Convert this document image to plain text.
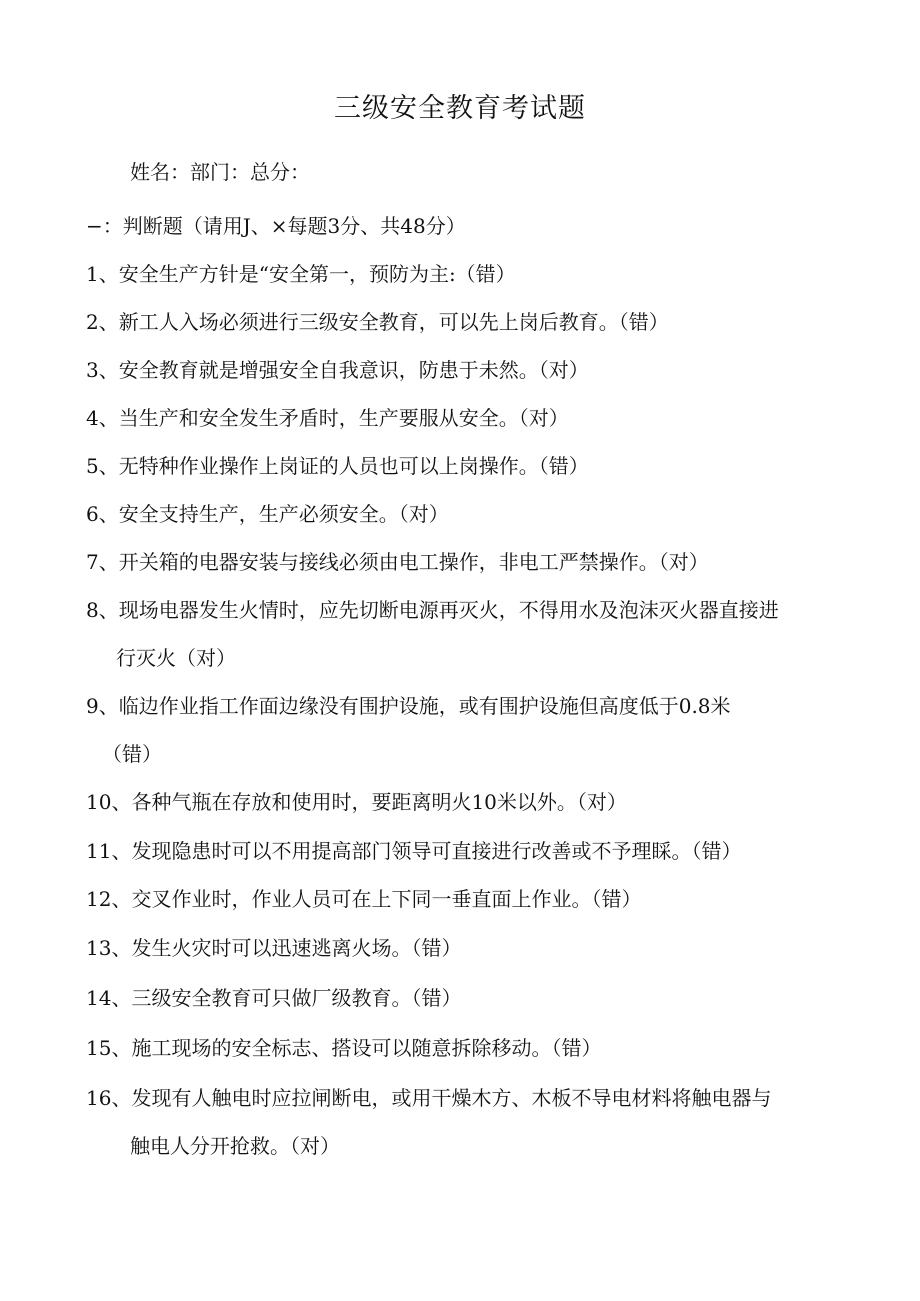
三级安全教育考试题
姓名：部门：总分：
−：判断题（请用J、×每题3分、共48分）
1、安全生产方针是“安全第一，预防为主:（错）
2、新工人入场必须进行三级安全教育，可以先上岗后教育。（错）
3、安全教育就是增强安全自我意识，防患于未然。（对）
4、当生产和安全发生矛盾时，生产要服从安全。（对）
5、无特种作业操作上岗证的人员也可以上岗操作。（错）
6、安全支持生产，生产必须安全。（对）
7、开关箱的电器安装与接线必须由电工操作，非电工严禁操作。（对）
8、现场电器发生火情时，应先切断电源再灭火，不得用水及泡沫灭火器直接进
行灭火（对）
9、临边作业指工作面边缘没有围护设施，或有围护设施但高度低于0.8米
（错）
10、各种气瓶在存放和使用时，要距离明火10米以外。（对）
11、发现隐患时可以不用提高部门领导可直接进行改善或不予理睬。（错）
12、交叉作业时，作业人员可在上下同一垂直面上作业。（错）
13、发生火灾时可以迅速逃离火场。（错）
14、三级安全教育可只做厂级教育。（错）
15、施工现场的安全标志、搭设可以随意拆除移动。（错）
16、发现有人触电时应拉闸断电，或用干燥木方、木板不导电材料将触电器与
触电人分开抢救。（对）
